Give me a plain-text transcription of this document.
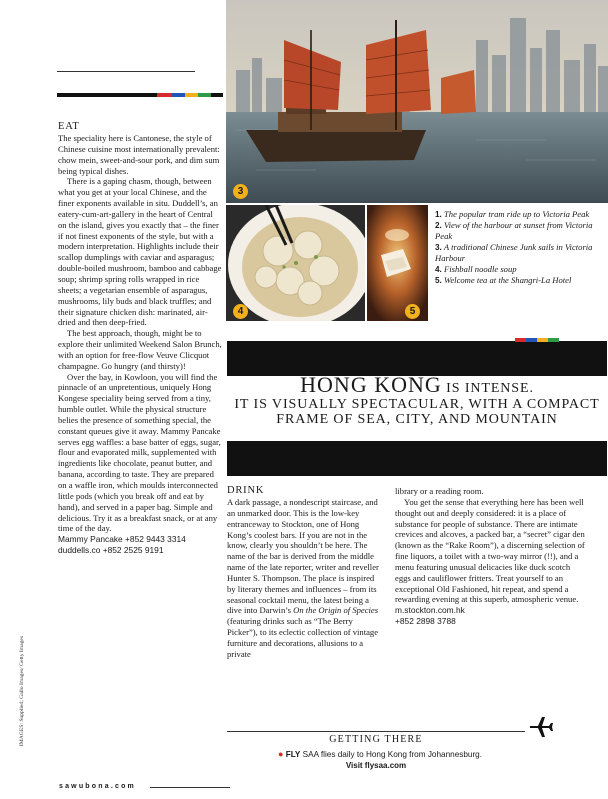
3
4	5

1. The popular tram ride up to Victoria Peak

2. View of the harbour at sunset from Victoria Peak

3. A traditional Chinese Junk sails in Victoria Harbour

4. Fishball noodle soup

5. Welcome tea at the Shangri-La Hotel

EAT

The speciality here is Cantonese, the style of Chinese cuisine most internationally prevalent: chow mein, sweet-and-sour pork, and dim sum being typical dishes.

There is a gaping chasm, though, between what you get at your local Chinese, and the finer exponents available in situ. Duddell’s, an eatery-cum-art-gallery in the heart of Central on the island, gives you exactly that – the finer if not finest exponents of the style, but with a modern interpretation. Highlights include their scallop dumplings with caviar and asparagus; double-boiled mushroom, bamboo and cabbage soup; shrimp spring rolls wrapped in rice sheets; a vegetarian ensemble of asparagus, mushrooms, lily buds and black truffles; and their signature chicken dish: marinated, air-dried and then deep-fried.

The best approach, though, might be to explore their unlimited Weekend Salon Brunch, with an option for free-flow Veuve Clicquot champagne. Go hungry (and thirsty)!

Over the bay, in Kowloon, you will find the pinnacle of an unpretentious, uniquely Hong Kongese speciality being served from a tiny, humble outlet. While the physical structure belies the presence of something special, the constant queues give it away. Mammy Pancake serves egg waffles: a base batter of eggs, sugar, flour and evaporated milk, supplemented with ingredients like chocolate, peanut butter, and banana, according to taste. They are prepared on a waffle iron, which moulds interconnected little pods (which you break off and eat by hand), and served in a paper bag. Simple and delicious. Try it as a breakfast snack, or at any time of the day.

Mammy Pancake +852 9443 3314

duddells.co +852 2525 9191

HONG KONG IS INTENSE.
IT IS VISUALLY SPECTACULAR, WITH A COMPACT FRAME OF SEA, CITY, AND MOUNTAIN
DRINK

A dark passage, a nondescript staircase, and an unmarked door. This is the low-key entranceway to Stockton, one of Hong Kong’s coolest bars. If you are not in the know, clearly you shouldn’t be here. The name of the bar is derived from the middle name of the late reporter, writer and reveller Hunter S. Thompson. The place is inspired by literary themes and influences – from its seasonal cocktail menu, the latest being a dive into Darwin’s On the Origin of Species (featuring drinks such as “The Berry Picker”), to its eclectic collection of vintage furniture and decorations, allusions to a private

library or a reading room.

You get the sense that everything here has been well thought out and deeply considered: it is a place of substance for people of substance. There are intimate crevices and alcoves, a packed bar, a “secret” cigar den (known as the “Rake Room”), a discerning selection of fine liquors, a toilet with a two-way mirror (!!), and a menu featuring unusual delicacies like duck scotch eggs and cauliflower fritters. Treat yourself to an exceptional Old Fashioned, hit repeat, and spend a rewarding evening at this superb, atmospheric venue.

m.stockton.com.hk

+852 2898 3788

GETTING THERE
● FLY SAA flies daily to Hong Kong from Johannesburg.
Visit flysaa.com
sawubona.com
IMAGES: Supplied; Gallo Images/ Getty Images
